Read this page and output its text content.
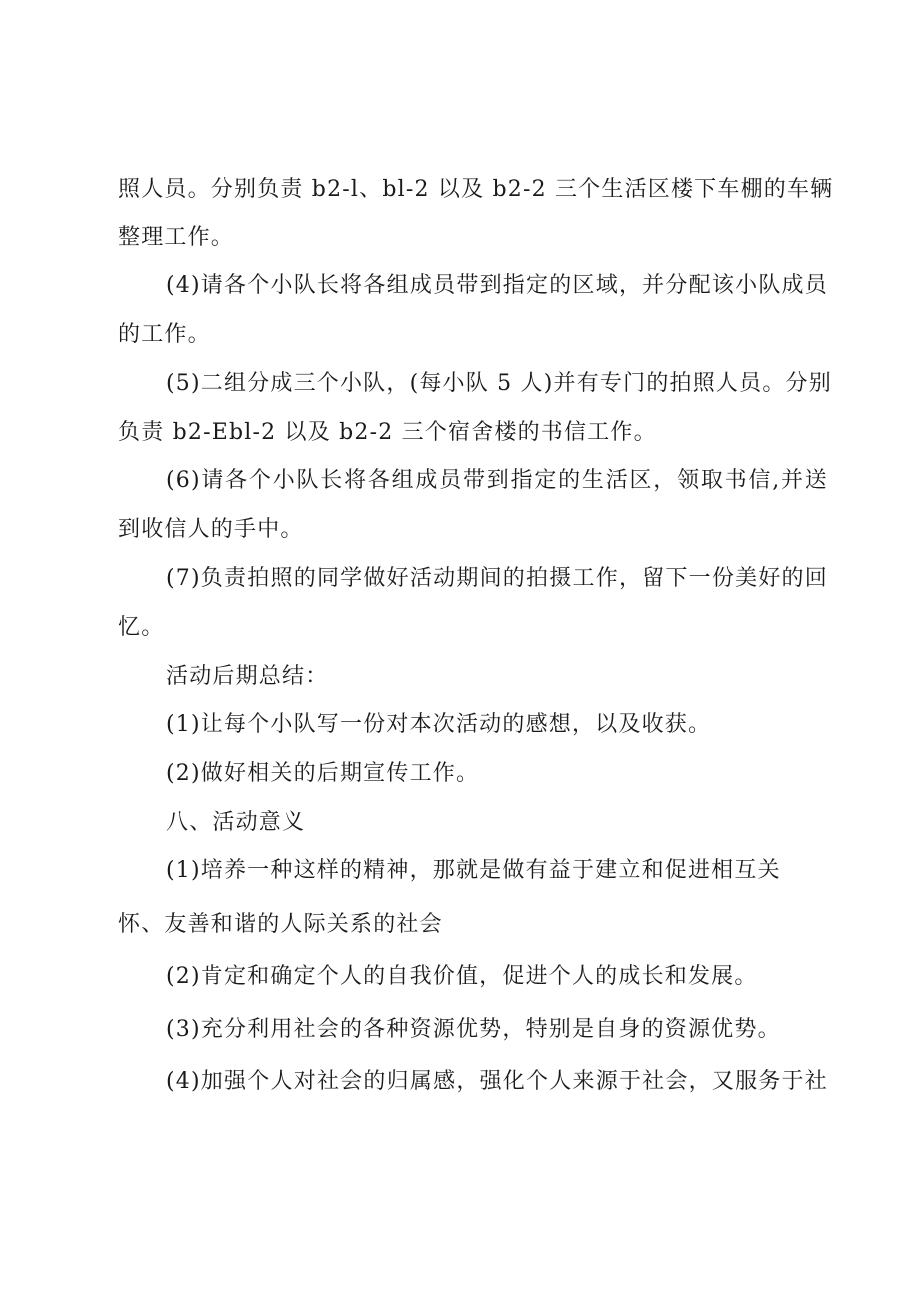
照人员。分别负责 b2-l、bl-2 以及 b2-2 三个生活区楼下车棚的车辆
整理工作。
(4)请各个小队长将各组成员带到指定的区域，并分配该小队成员
的工作。
(5)二组分成三个小队，(每小队 5 人)并有专门的拍照人员。分别
负责 b2-Ebl-2 以及 b2-2 三个宿舍楼的书信工作。
(6)请各个小队长将各组成员带到指定的生活区，领取书信,并送
到收信人的手中。
(7)负责拍照的同学做好活动期间的拍摄工作，留下一份美好的回
忆。
活动后期总结：
(1)让每个小队写一份对本次活动的感想，以及收获。
(2)做好相关的后期宣传工作。
八、活动意义
(1)培养一种这样的精神，那就是做有益于建立和促进相互关
怀、友善和谐的人际关系的社会
(2)肯定和确定个人的自我价值，促进个人的成长和发展。
(3)充分利用社会的各种资源优势，特别是自身的资源优势。
(4)加强个人对社会的归属感，强化个人来源于社会，又服务于社
